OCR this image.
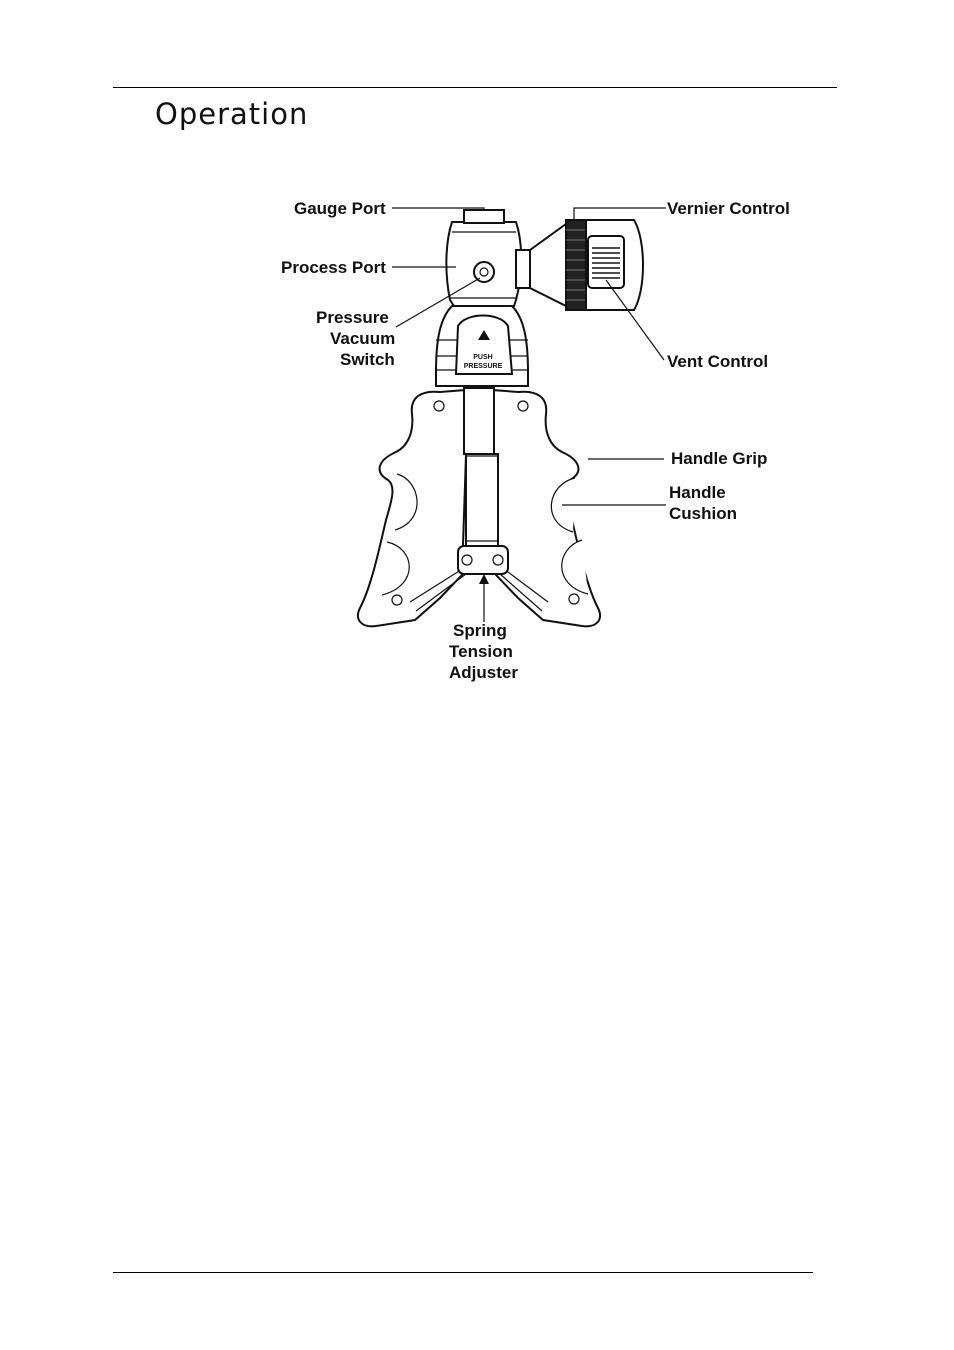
Operation
PUSH
PRESSURE
Gauge Port
Process Port
Pressure
Vacuum
Switch
Vernier Control
Vent Control
Handle Grip
Handle
Cushion
Spring
Tension
Adjuster
